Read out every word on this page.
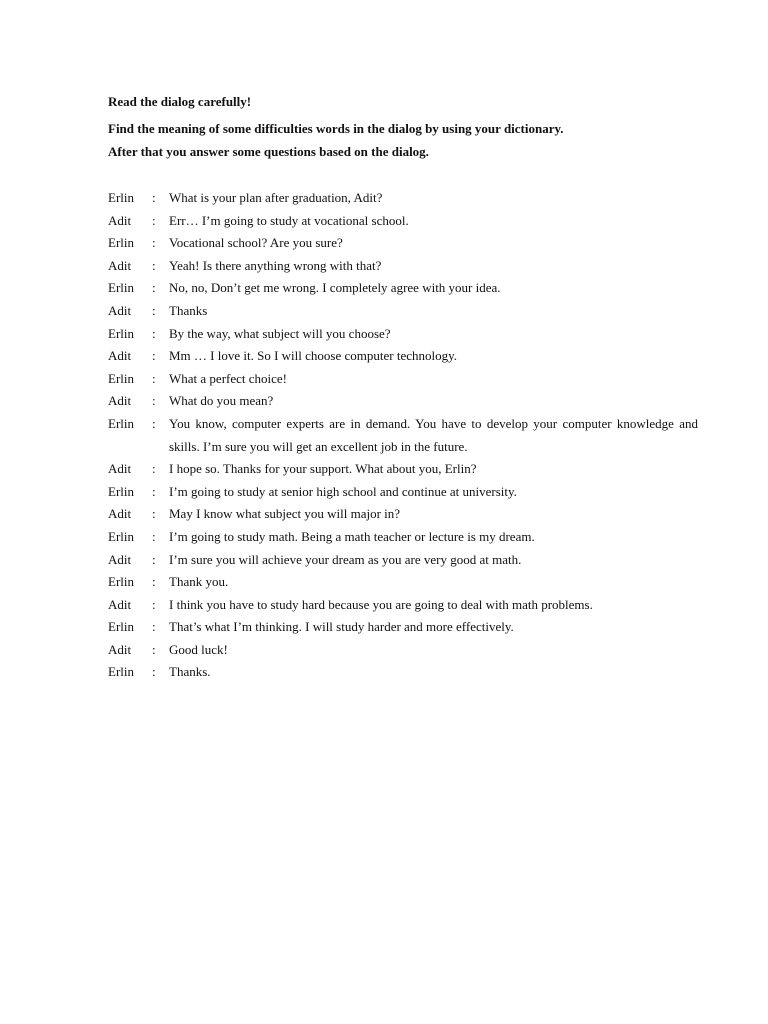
Read the dialog carefully!
Find the meaning of some difficulties words in the dialog by using your dictionary.
After that you answer some questions based on the dialog.
Erlin	:	What is your plan after graduation, Adit?
Adit	:	Err… I’m going to study at vocational school.
Erlin	:	Vocational school? Are you sure?
Adit	:	Yeah! Is there anything wrong with that?
Erlin	:	No, no, Don’t get me wrong. I completely agree with your idea.
Adit	:	Thanks
Erlin	:	By the way, what subject will you choose?
Adit	:	Mm … I love it. So I will choose computer technology.
Erlin	:	What a perfect choice!
Adit	:	What do you mean?
Erlin	:	You know, computer experts are in demand. You have to develop your computer knowledge and skills. I’m sure you will get an excellent job in the future.
Adit	:	I hope so. Thanks for your support. What about you, Erlin?
Erlin	:	I’m going to study at senior high school and continue at university.
Adit	:	May I know what subject you will major in?
Erlin	:	I’m going to study math. Being a math teacher or lecture is my dream.
Adit	:	I’m sure you will achieve your dream as you are very good at math.
Erlin	:	Thank you.
Adit	:	I think you have to study hard because you are going to deal with math problems.
Erlin	:	That’s what I’m thinking. I will study harder and more effectively.
Adit	:	Good luck!
Erlin	:	Thanks.
